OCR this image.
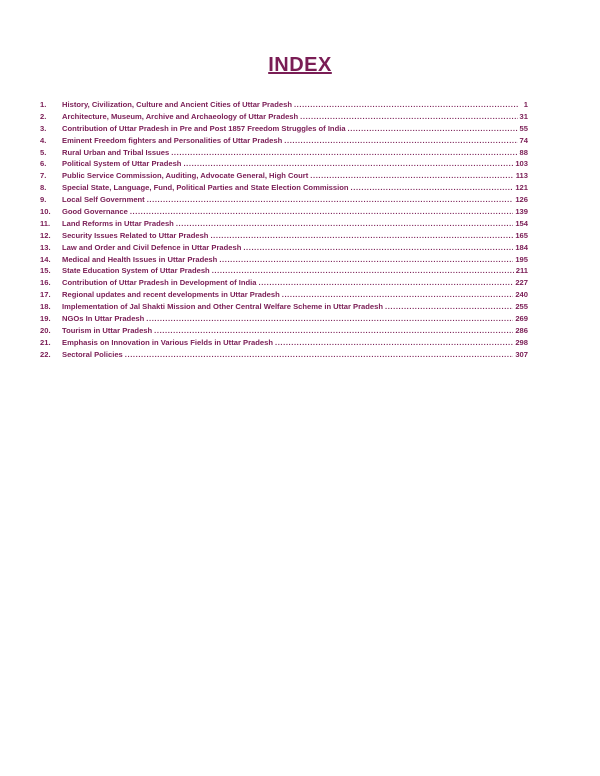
INDEX
1.	History, Civilization, Culture and Ancient Cities of Uttar Pradesh .....	1
2.	Architecture, Museum, Archive and Archaeology of Uttar Pradesh .....	31
3.	Contribution of Uttar Pradesh in Pre and Post 1857 Freedom Struggles of India .....	55
4.	Eminent Freedom fighters and Personalities of Uttar Pradesh .....	74
5.	Rural Urban and Tribal Issues .....	88
6.	Political System of Uttar Pradesh .....	103
7.	Public Service Commission, Auditing, Advocate General, High Court .....	113
8.	Special State, Language, Fund, Political Parties and State Election Commission .....	121
9.	Local Self Government .....	126
10.	Good Governance .....	139
11.	Land Reforms in Uttar Pradesh .....	154
12.	Security Issues Related to Uttar Pradesh .....	165
13.	Law and Order and Civil Defence in Uttar Pradesh .....	184
14.	Medical and Health Issues in Uttar Pradesh .....	195
15.	State Education System of Uttar Pradesh .....	211
16.	Contribution of Uttar Pradesh in Development of India .....	227
17.	Regional updates and recent developments in Uttar Pradesh .....	240
18.	Implementation of Jal Shakti Mission and Other Central Welfare Scheme in Uttar Pradesh .....	255
19.	NGOs In Uttar Pradesh .....	269
20.	Tourism in Uttar Pradesh .....	286
21.	Emphasis on Innovation in Various Fields in Uttar Pradesh .....	298
22.	Sectoral Policies .....	307
